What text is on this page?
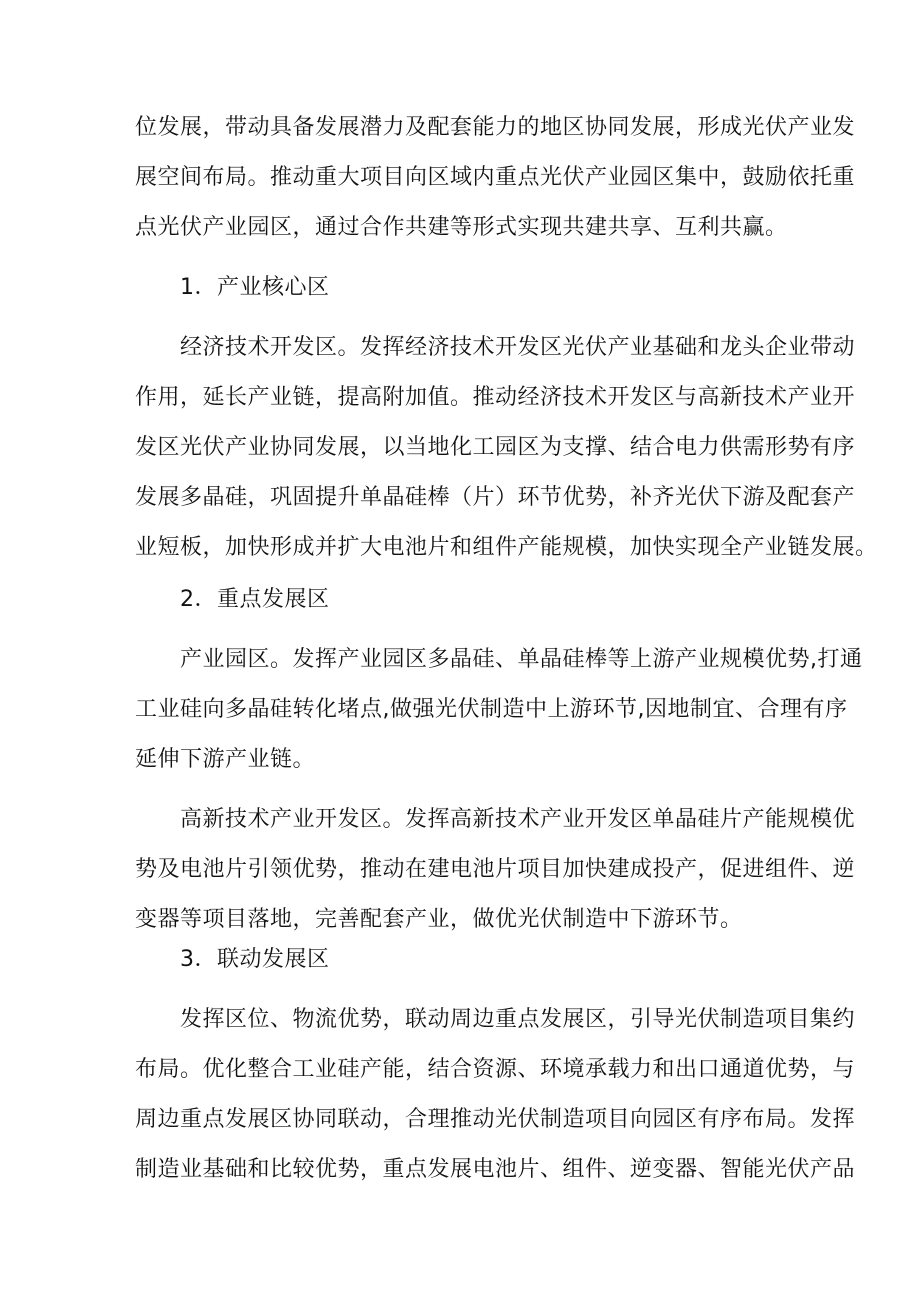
位发展，带动具备发展潜力及配套能力的地区协同发展，形成光伏产业发
展空间布局。推动重大项目向区域内重点光伏产业园区集中，鼓励依托重
点光伏产业园区，通过合作共建等形式实现共建共享、互利共赢。
1．产业核心区
经济技术开发区。发挥经济技术开发区光伏产业基础和龙头企业带动
作用，延长产业链，提高附加值。推动经济技术开发区与高新技术产业开
发区光伏产业协同发展，以当地化工园区为支撑、结合电力供需形势有序
发展多晶硅，巩固提升单晶硅棒（片）环节优势，补齐光伏下游及配套产
业短板，加快形成并扩大电池片和组件产能规模，加快实现全产业链发展。
2．重点发展区
产业园区。发挥产业园区多晶硅、单晶硅棒等上游产业规模优势,打通
工业硅向多晶硅转化堵点,做强光伏制造中上游环节,因地制宜、合理有序
延伸下游产业链。
高新技术产业开发区。发挥高新技术产业开发区单晶硅片产能规模优
势及电池片引领优势，推动在建电池片项目加快建成投产，促进组件、逆
变器等项目落地，完善配套产业，做优光伏制造中下游环节。
3．联动发展区
发挥区位、物流优势，联动周边重点发展区，引导光伏制造项目集约
布局。优化整合工业硅产能，结合资源、环境承载力和出口通道优势，与
周边重点发展区协同联动，合理推动光伏制造项目向园区有序布局。发挥
制造业基础和比较优势，重点发展电池片、组件、逆变器、智能光伏产品
